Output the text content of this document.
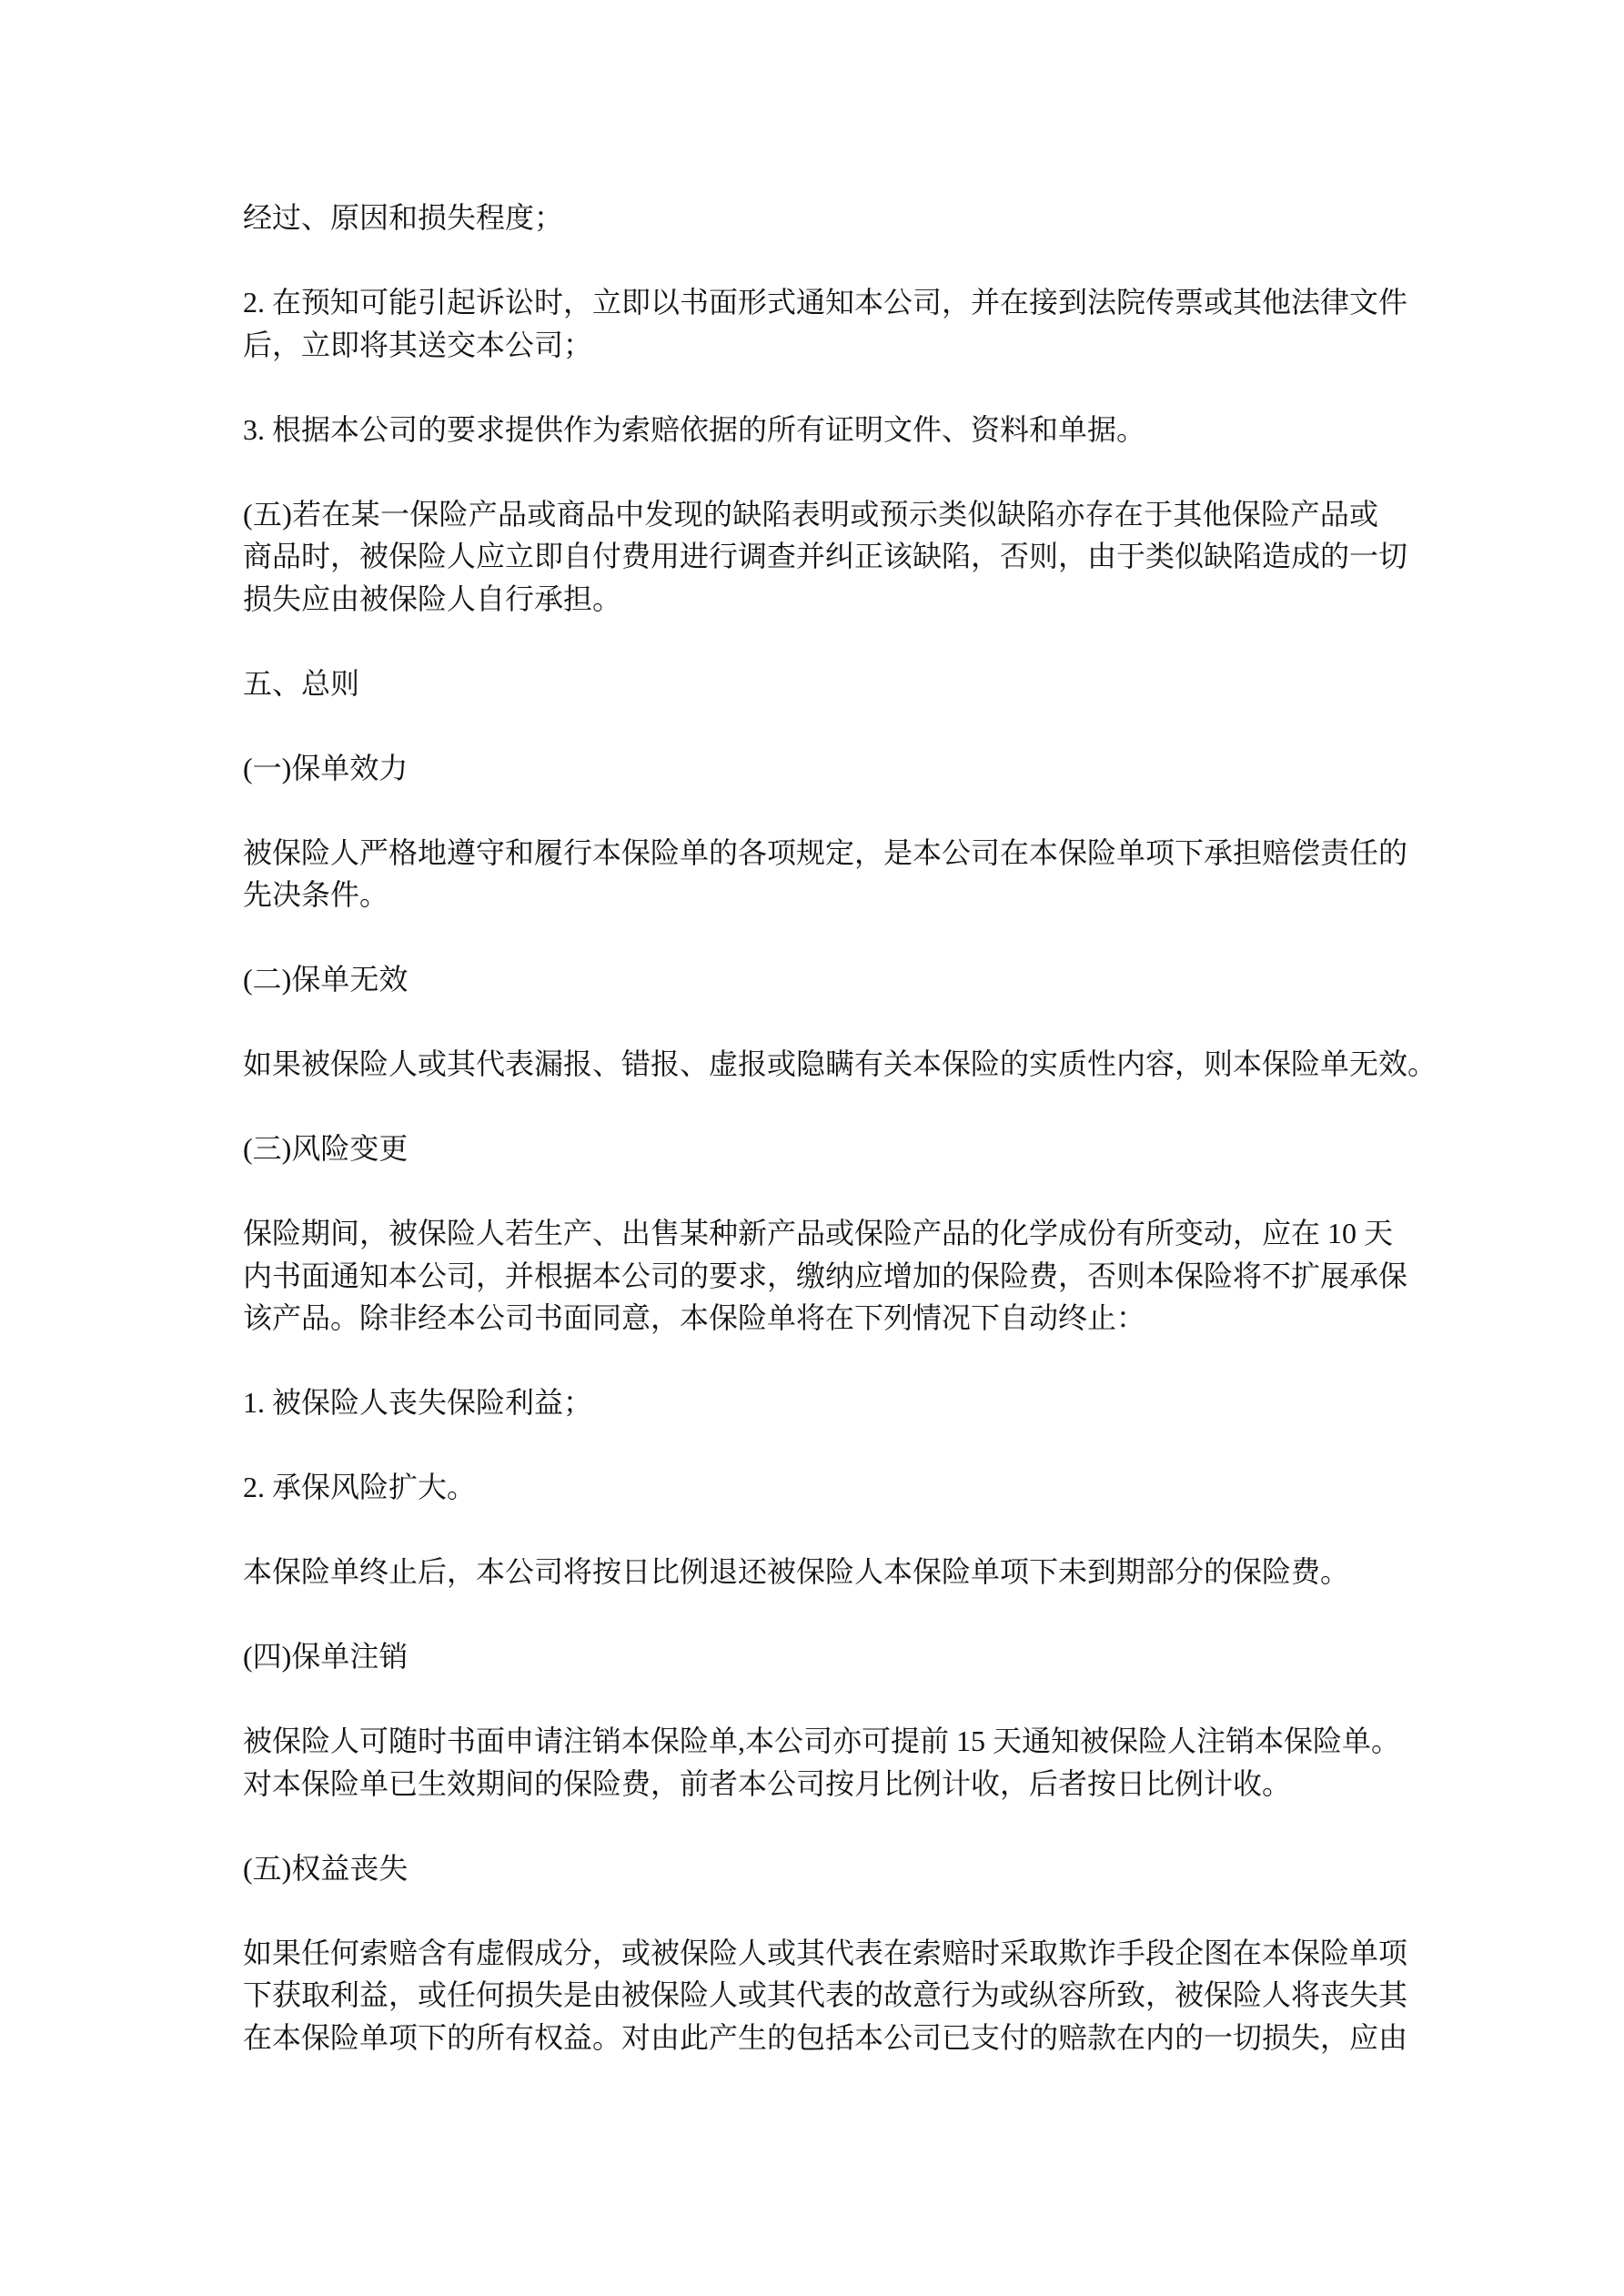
经过、原因和损失程度；
2. 在预知可能引起诉讼时，立即以书面形式通知本公司，并在接到法院传票或其他法律文件
后，立即将其送交本公司；
3. 根据本公司的要求提供作为索赔依据的所有证明文件、资料和单据。
(五)若在某一保险产品或商品中发现的缺陷表明或预示类似缺陷亦存在于其他保险产品或
商品时，被保险人应立即自付费用进行调查并纠正该缺陷，否则，由于类似缺陷造成的一切
损失应由被保险人自行承担。
五、总则
(一)保单效力
被保险人严格地遵守和履行本保险单的各项规定，是本公司在本保险单项下承担赔偿责任的
先决条件。
(二)保单无效
如果被保险人或其代表漏报、错报、虚报或隐瞒有关本保险的实质性内容，则本保险单无效。
(三)风险变更
保险期间，被保险人若生产、出售某种新产品或保险产品的化学成份有所变动，应在 10 天
内书面通知本公司，并根据本公司的要求，缴纳应增加的保险费，否则本保险将不扩展承保
该产品。除非经本公司书面同意，本保险单将在下列情况下自动终止：
1. 被保险人丧失保险利益；
2. 承保风险扩大。
本保险单终止后，本公司将按日比例退还被保险人本保险单项下未到期部分的保险费。
(四)保单注销
被保险人可随时书面申请注销本保险单,本公司亦可提前 15 天通知被保险人注销本保险单。
对本保险单已生效期间的保险费，前者本公司按月比例计收，后者按日比例计收。
(五)权益丧失
如果任何索赔含有虚假成分，或被保险人或其代表在索赔时采取欺诈手段企图在本保险单项
下获取利益，或任何损失是由被保险人或其代表的故意行为或纵容所致，被保险人将丧失其
在本保险单项下的所有权益。对由此产生的包括本公司已支付的赔款在内的一切损失，应由
